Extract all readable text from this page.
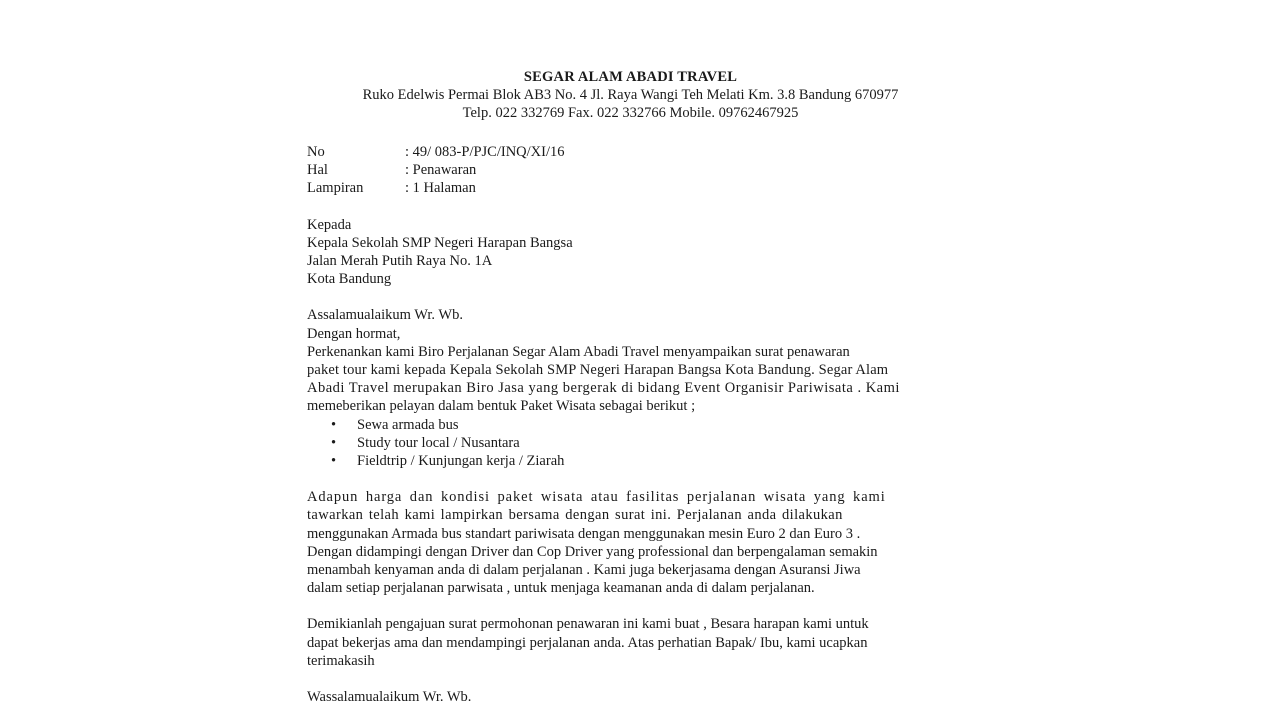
SEGAR ALAM ABADI TRAVEL
Ruko Edelwis Permai Blok AB3 No. 4 Jl. Raya Wangi Teh Melati Km. 3.8 Bandung 670977
Telp. 022 332769 Fax. 022 332766 Mobile. 09762467925
No	: 49/ 083-P/PJC/INQ/XI/16
Hal	: Penawaran
Lampiran	: 1 Halaman
Kepada
Kepala Sekolah SMP Negeri Harapan Bangsa
Jalan Merah Putih Raya No. 1A
Kota Bandung
Assalamualaikum Wr. Wb.
Dengan hormat,
Perkenankan kami Biro Perjalanan Segar Alam Abadi Travel menyampaikan surat penawaran
paket tour kami kepada Kepala Sekolah SMP Negeri Harapan Bangsa Kota Bandung. Segar Alam
Abadi Travel merupakan Biro Jasa yang bergerak di bidang Event Organisir Pariwisata . Kami
memeberikan pelayan dalam bentuk Paket Wisata sebagai berikut ;
• Sewa armada bus
• Study tour local / Nusantara
• Fieldtrip / Kunjungan kerja / Ziarah
Adapun harga dan kondisi paket wisata atau fasilitas perjalanan wisata yang kami
tawarkan telah kami lampirkan bersama dengan surat ini. Perjalanan anda dilakukan
menggunakan Armada bus standart pariwisata dengan menggunakan mesin Euro 2 dan Euro 3 .
Dengan didampingi dengan Driver dan Cop Driver yang professional dan berpengalaman semakin
menambah kenyaman anda di dalam perjalanan . Kami juga bekerjasama dengan Asuransi Jiwa
dalam setiap perjalanan parwisata , untuk menjaga keamanan anda di dalam perjalanan.
Demikianlah pengajuan surat permohonan penawaran ini kami buat , Besara harapan kami untuk
dapat bekerjas ama dan mendampingi perjalanan anda. Atas perhatian Bapak/ Ibu, kami ucapkan
terimakasih
Wassalamualaikum Wr. Wb.
